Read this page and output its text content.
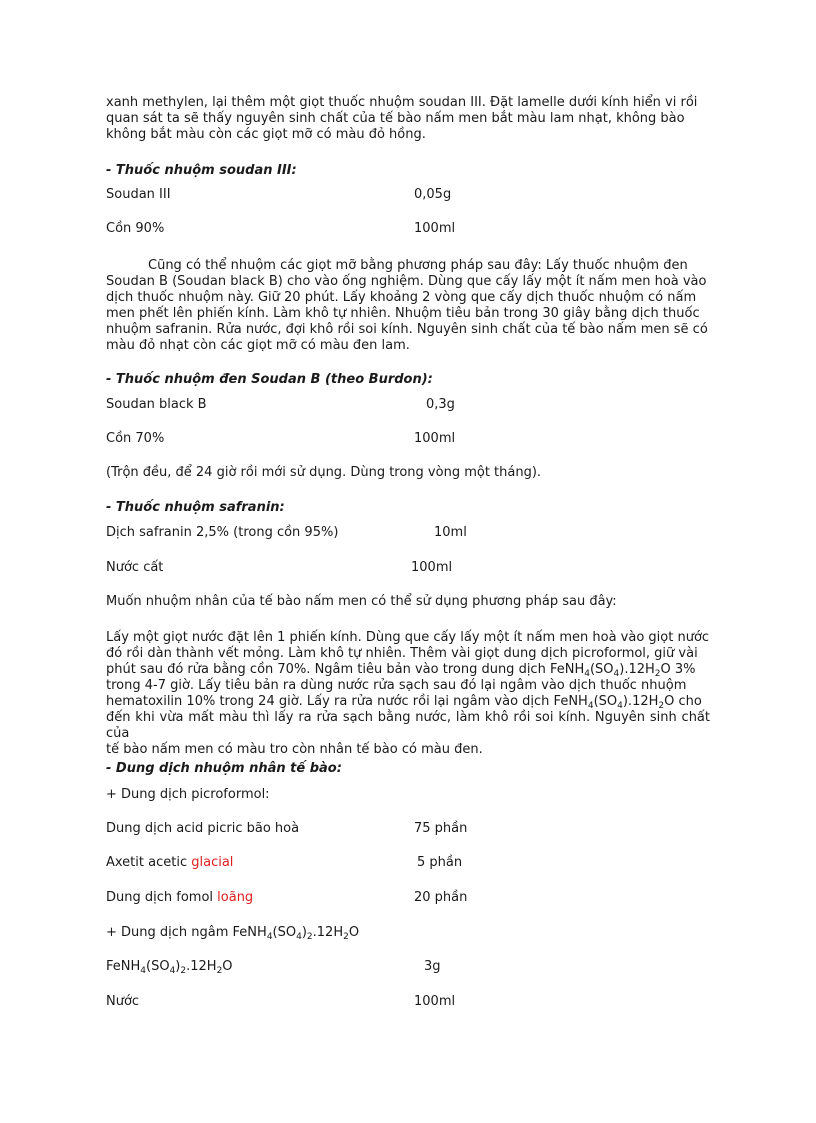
xanh methylen, lại thêm một giọt thuốc nhuộm soudan III. Đặt lamelle dưới kính hiển vi rồi

quan sát ta sẽ thấy nguyên sinh chất của tế bào nấm men bắt màu lam nhạt, không bào

không bắt màu còn các giọt mỡ có màu đỏ hồng.

- Thuốc nhuộm soudan III:

Soudan III	0,05g
Cồn 90%	100ml

Cũng có thể nhuộm các giọt mỡ bằng phương pháp sau đây: Lấy thuốc nhuộm đen

Soudan B (Soudan black B) cho vào ống nghiệm. Dùng que cấy lấy một ít nấm men hoà vào

dịch thuốc nhuộm này. Giữ 20 phút. Lấy khoảng 2 vòng que cấy dịch thuốc nhuộm có nấm

men phết lên phiến kính. Làm khô tự nhiên. Nhuộm tiêu bản trong 30 giây bằng dịch thuốc

nhuộm safranin. Rửa nước, đợi khô rồi soi kính. Nguyên sinh chất của tế bào nấm men sẽ có

màu đỏ nhạt còn các giọt mỡ có màu đen lam.

- Thuốc nhuộm đen Soudan B (theo Burdon):

Soudan black B	0,3g
Cồn 70%	100ml

(Trộn đều, để 24 giờ rồi mới sử dụng. Dùng trong vòng một tháng).

- Thuốc nhuộm safranin:

Dịch safranin 2,5% (trong cồn 95%)	10ml
Nước cất	100ml

Muốn nhuộm nhân của tế bào nấm men có thể sử dụng phương pháp sau đây:

Lấy một giọt nước đặt lên 1 phiến kính. Dùng que cấy lấy một ít nấm men hoà vào giọt nước

đó rồi dàn thành vết mỏng. Làm khô tự nhiên. Thêm vài giọt dung dịch picroformol, giữ vài

phút sau đó rửa bằng cồn 70%. Ngâm tiêu bản vào trong dung dịch $FeNH_4(SO_4).12H_2O$ 3%

trong 4-7 giờ. Lấy tiêu bản ra dùng nước rửa sạch sau đó lại ngâm vào dịch thuốc nhuộm

hematoxilin 10% trong 24 giờ. Lấy ra rửa nước rồi lại ngâm vào dịch $FeNH_4(SO_4).12H_2O$ cho

đến khi vừa mất màu thì lấy ra rửa sạch bằng nước, làm khô rồi soi kính. Nguyên sinh chất của

tế bào nấm men có màu tro còn nhân tế bào có màu đen.

- Dung dịch nhuộm nhân tế bào:

+ Dung dịch picroformol:

Dung dịch acid picric bão hoà	75 phần
Axetit acetic glacial	5 phần
Dung dịch fomol loãng	20 phần

+ Dung dịch ngâm $FeNH_4(SO_4)_2.12H_2O$

$FeNH_4(SO_4)_2.12H_2O$	3g
Nước	100ml
